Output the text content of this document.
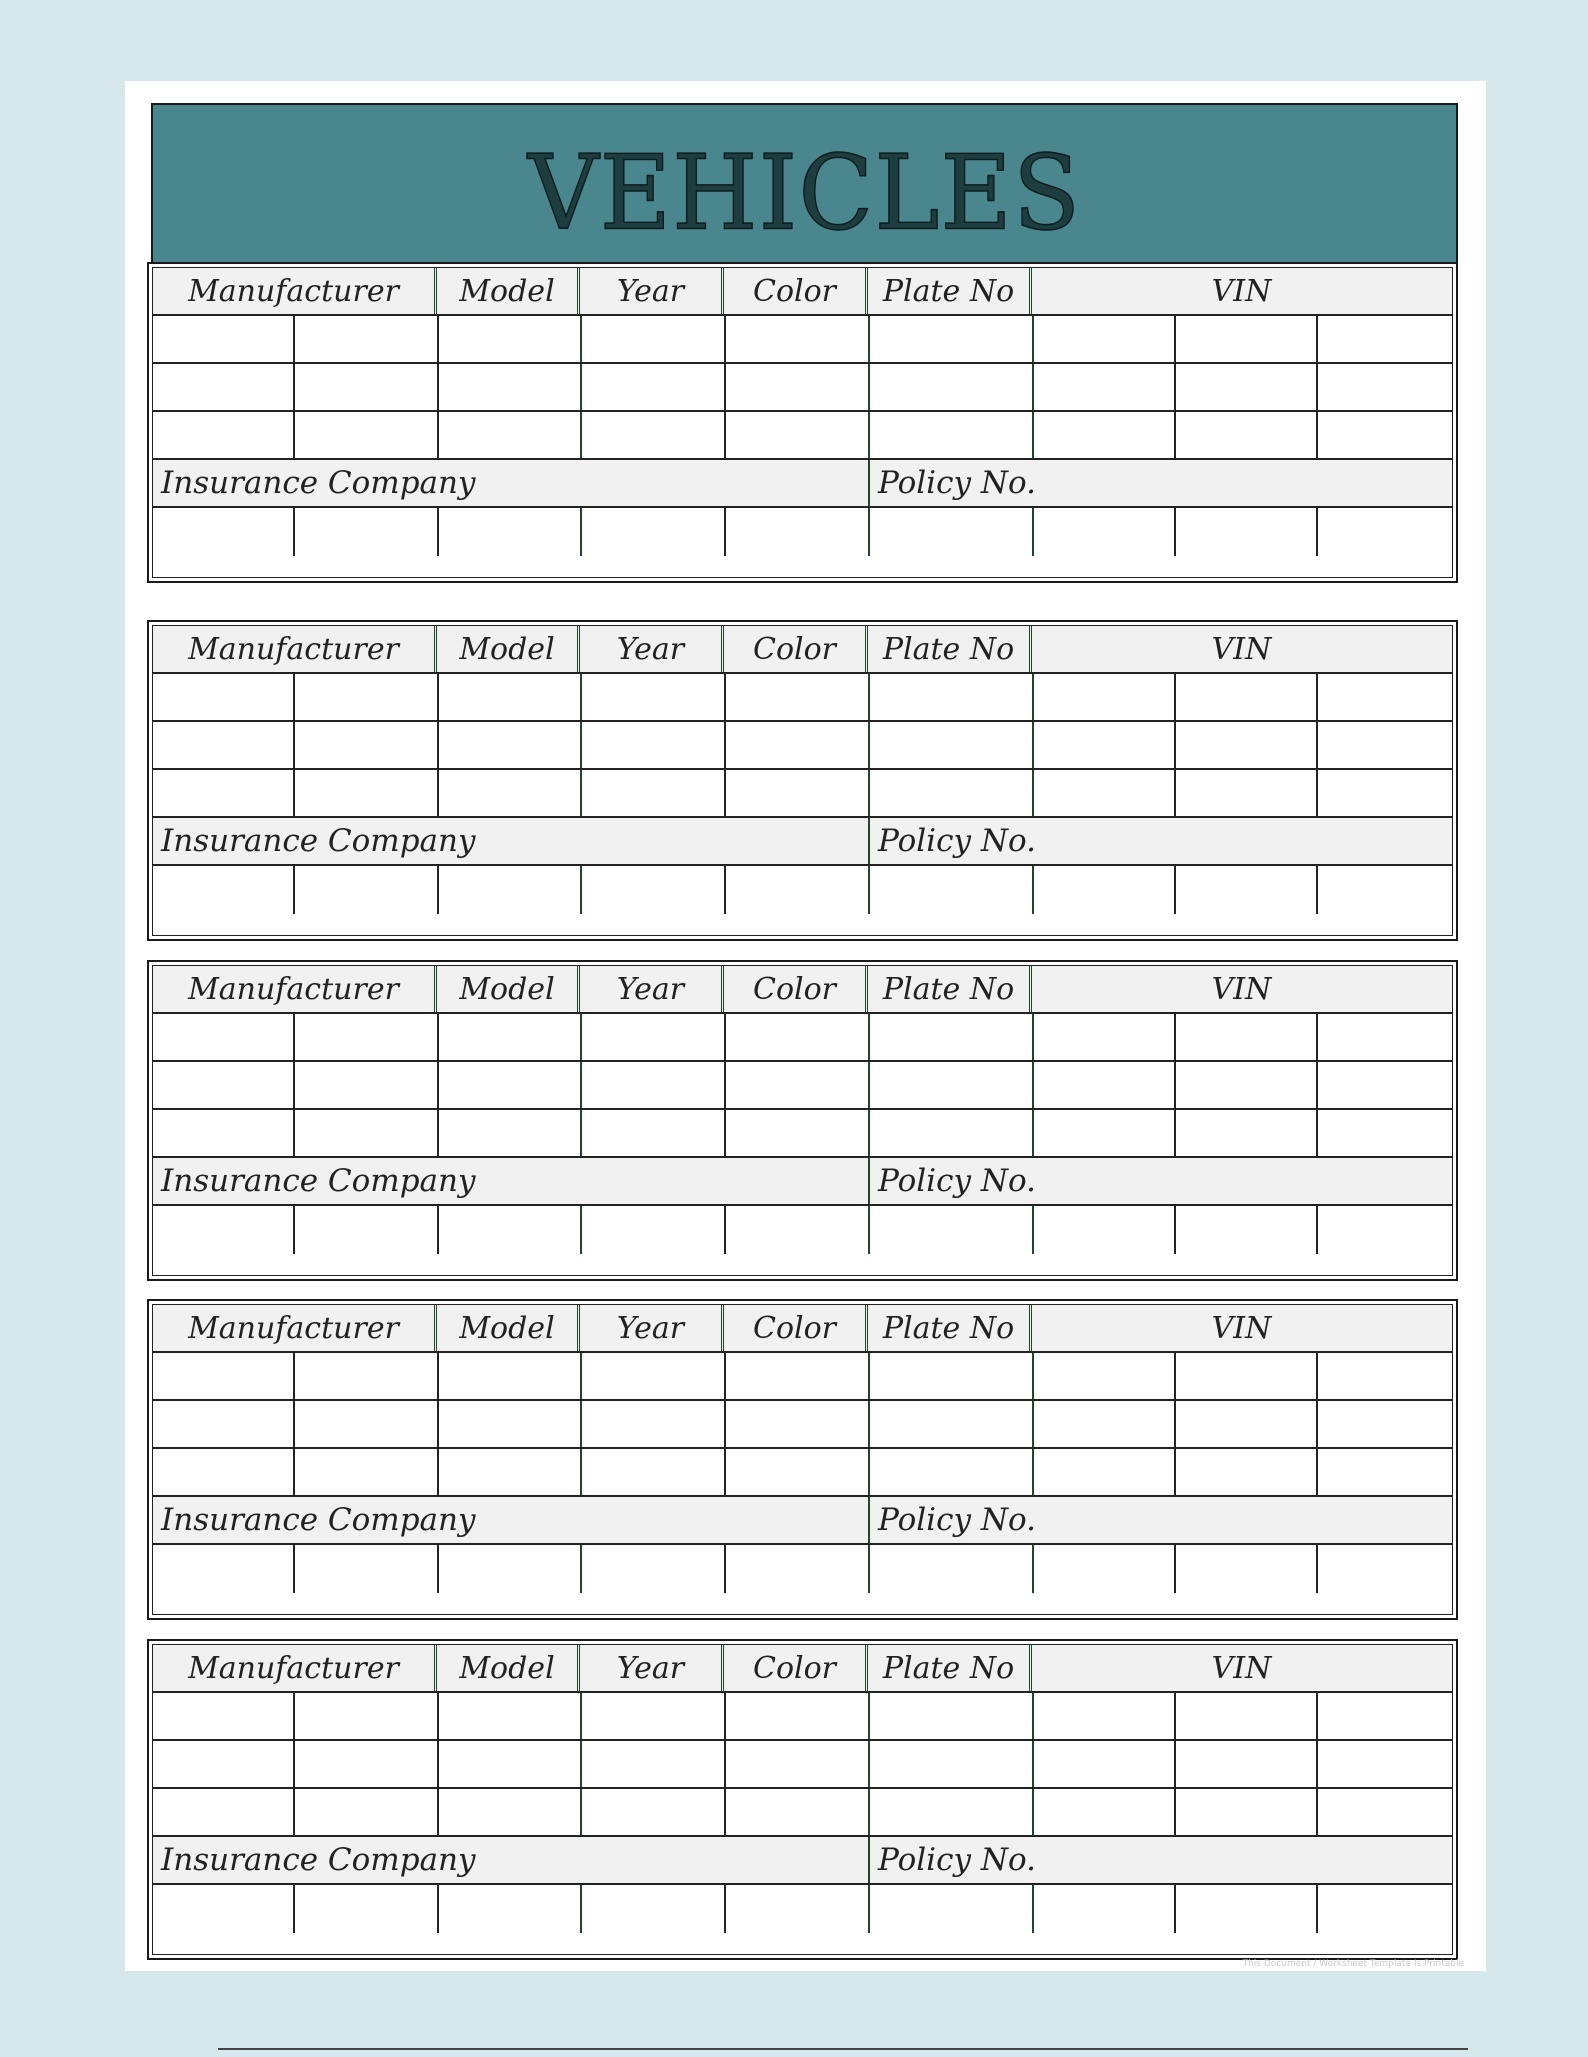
VEHICLES
Manufacturer	Model	Year	Color	Plate No	VIN
Insurance Company	Policy No.
Manufacturer	Model	Year	Color	Plate No	VIN
Insurance Company	Policy No.
Manufacturer	Model	Year	Color	Plate No	VIN
Insurance Company	Policy No.
Manufacturer	Model	Year	Color	Plate No	VIN
Insurance Company	Policy No.
Manufacturer	Model	Year	Color	Plate No	VIN
Insurance Company	Policy No.
This Document / Worksheet Template Is Printable
